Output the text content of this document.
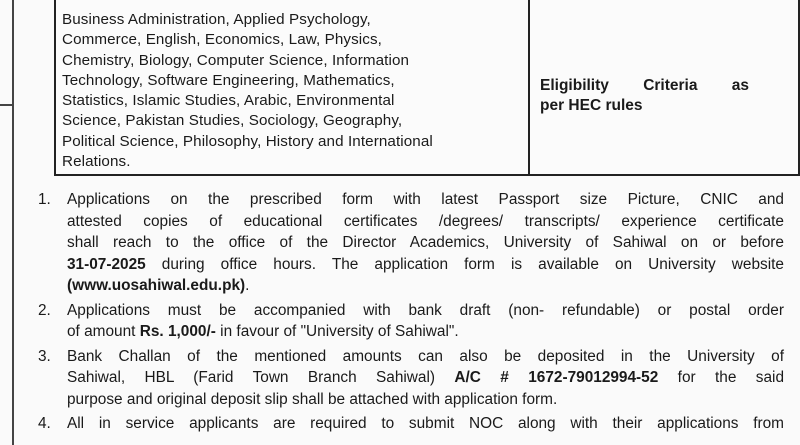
Business Administration, Applied Psychology,
Commerce, English, Economics, Law, Physics,
Chemistry, Biology, Computer Science, Information
Technology, Software Engineering, Mathematics,
Statistics, Islamic Studies, Arabic, Environmental
Science, Pakistan Studies, Sociology, Geography,
Political Science, Philosophy, History and International
Relations.
Eligibility Criteria as
per HEC rules
1. Applications on the prescribed form with latest Passport size Picture, CNIC and
attested copies of educational certificates /degrees/ transcripts/ experience certificate
shall reach to the office of the Director Academics, University of Sahiwal on or before
31-07-2025 during office hours. The application form is available on University website
(www.uosahiwal.edu.pk).
2. Applications must be accompanied with bank draft (non- refundable) or postal order
of amount Rs. 1,000/- in favour of "University of Sahiwal".
3. Bank Challan of the mentioned amounts can also be deposited in the University of
Sahiwal, HBL (Farid Town Branch Sahiwal) A/C # 1672-79012994-52 for the said
purpose and original deposit slip shall be attached with application form.
4. All in service applicants are required to submit NOC along with their applications from
